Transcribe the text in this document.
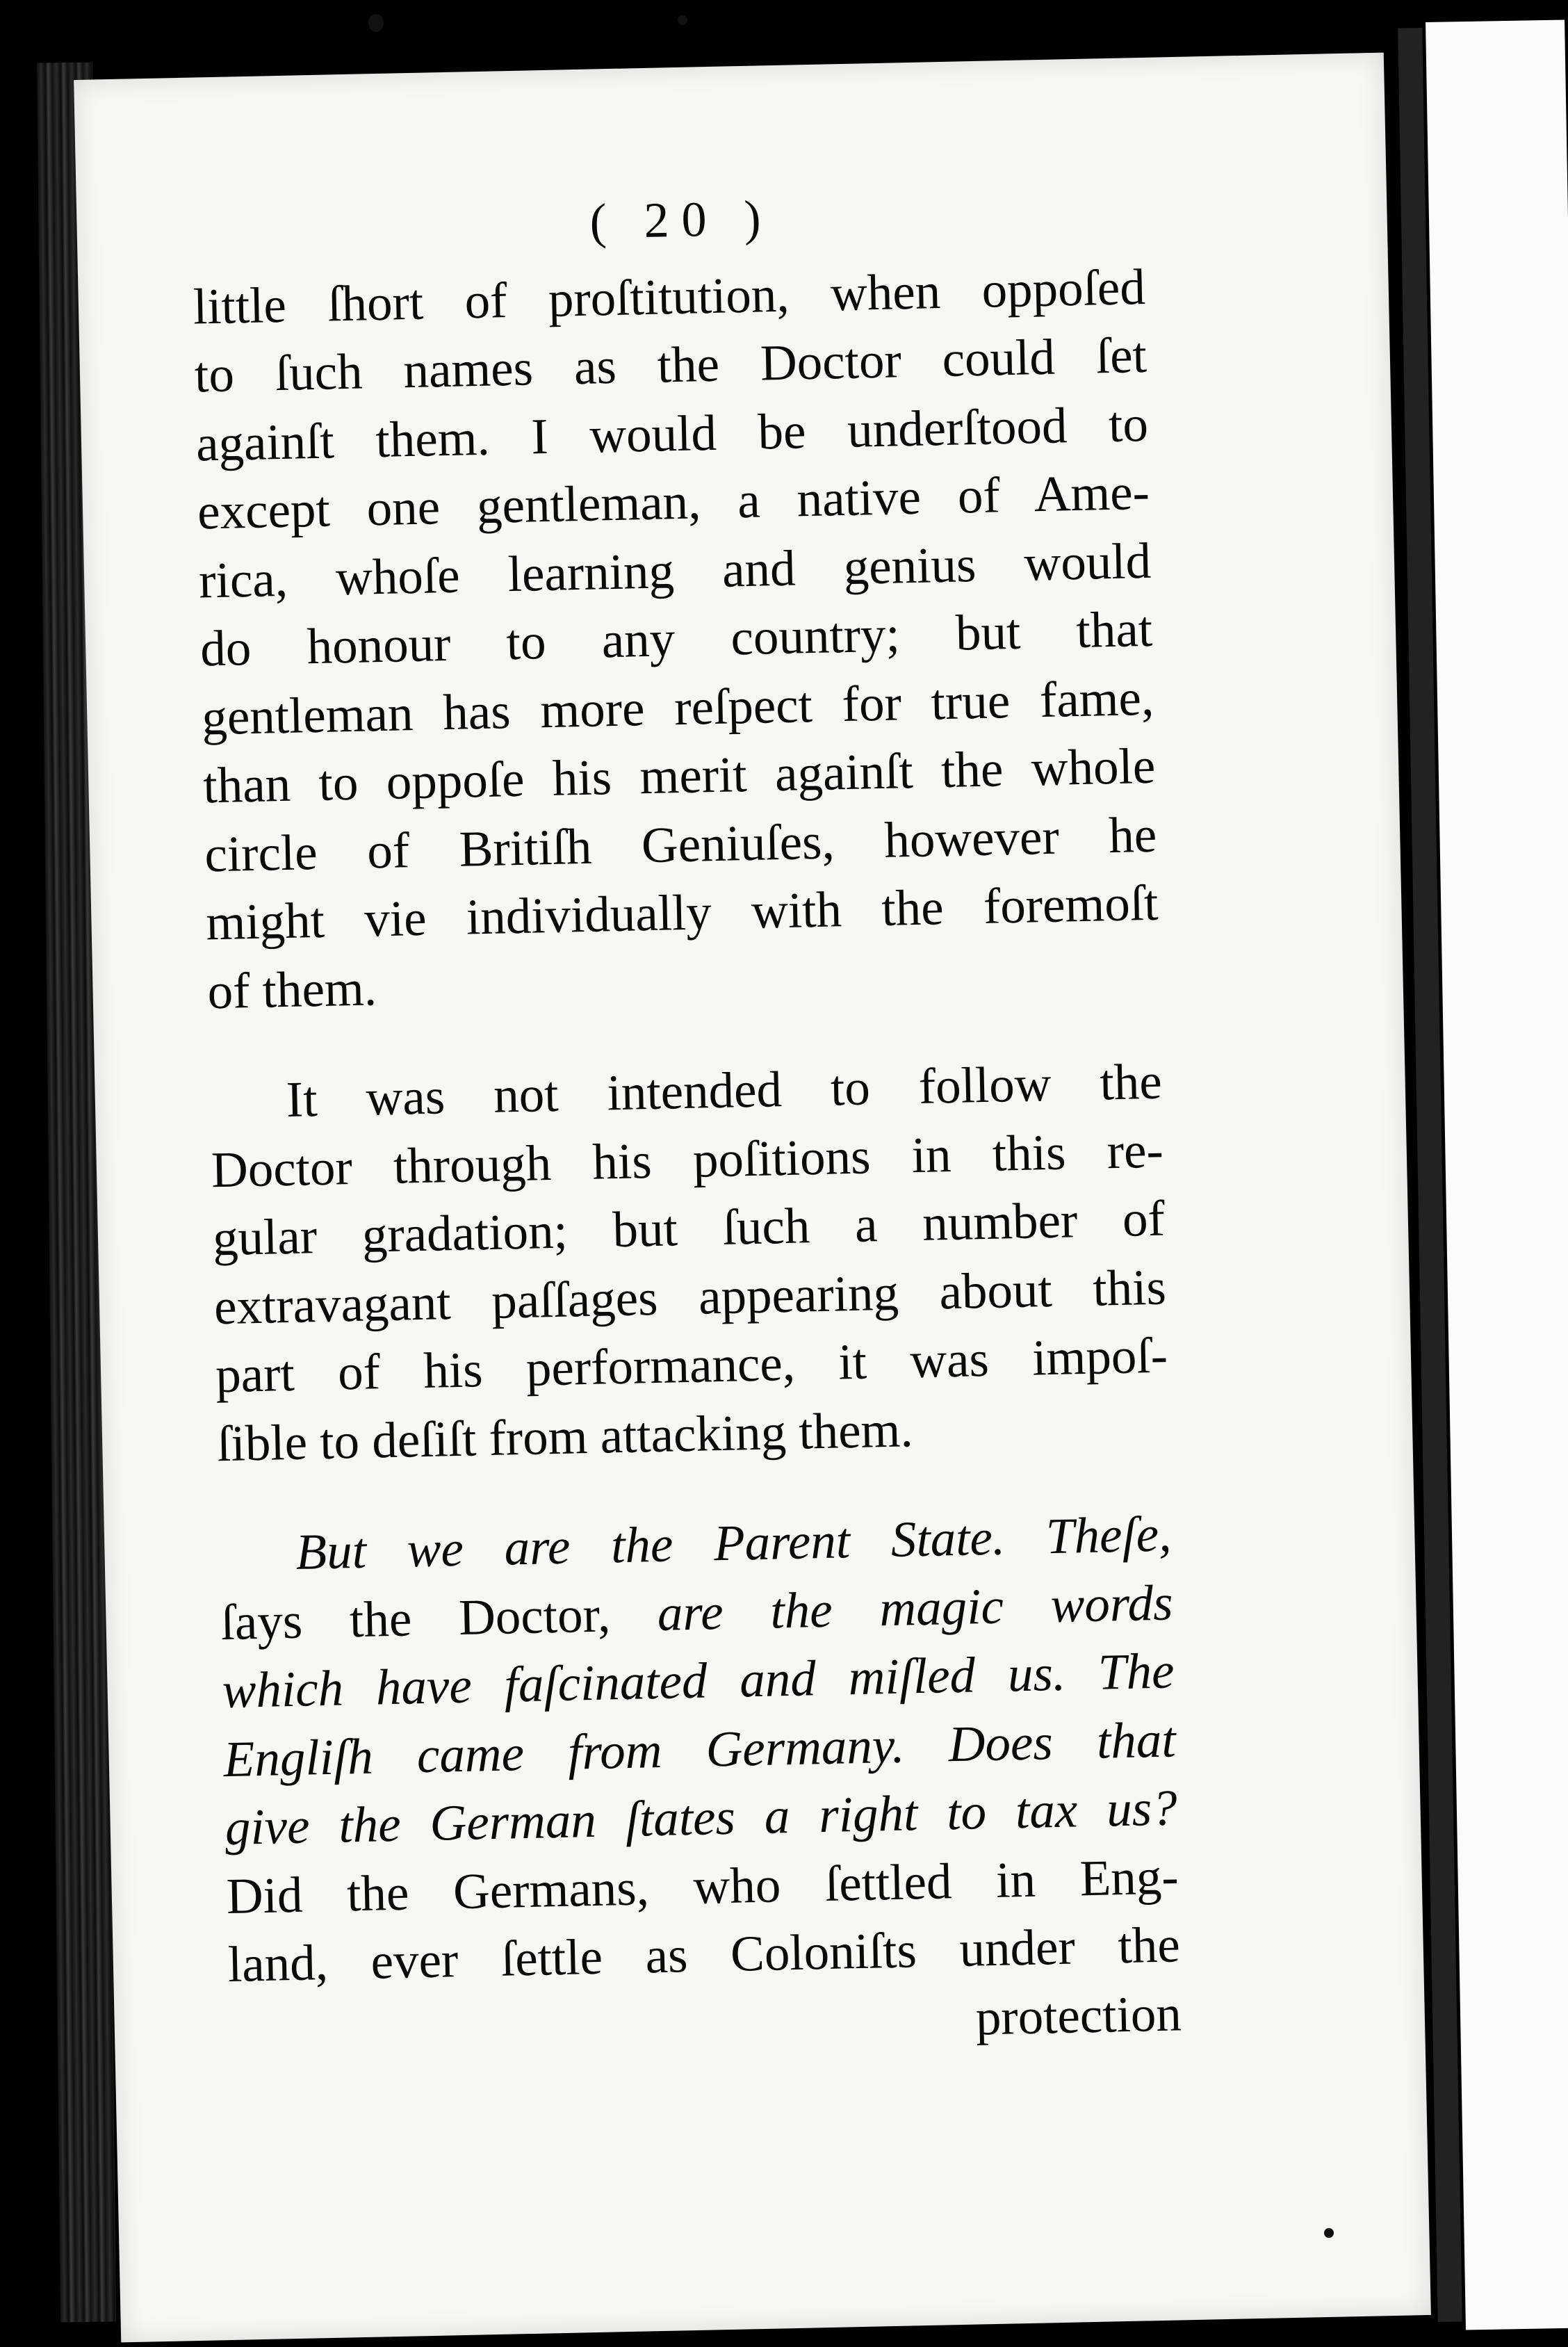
( 20 )
little ſhort of proſtitution, when oppoſed
to ſuch names as the Doctor could ſet
againſt them. I would be underſtood to
except one gentleman, a native of Ame-
rica, whoſe learning and genius would
do honour to any country; but that
gentleman has more reſpect for true fame,
than to oppoſe his merit againſt the whole
circle of Britiſh Geniuſes, however he
might vie individually with the foremoſt
of them.
It was not intended to follow the
Doctor through his poſitions in this re-
gular gradation; but ſuch a number of
extravagant paſſages appearing about this
part of his performance, it was impoſ-
ſible to deſiſt from attacking them.
But we are the Parent State. Theſe,
ſays the Doctor, are the magic words
which have faſcinated and miſled us. The
Engliſh came from Germany. Does that
give the German ſtates a right to tax us?
Did the Germans, who ſettled in Eng-
land, ever ſettle as Coloniſts under the
protection
